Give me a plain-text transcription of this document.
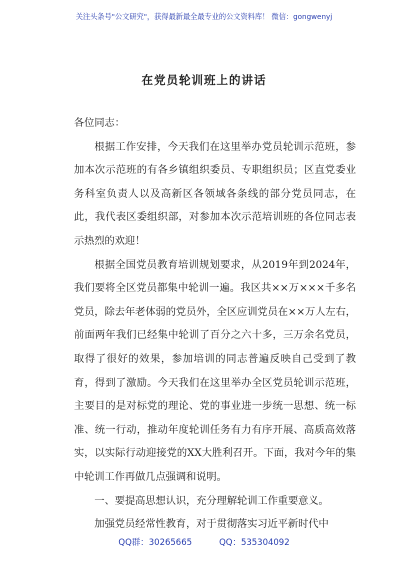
关注头条号"公文研究"，获得最新最全最专业的公文资料库！ 微信：gongwenyj
在党员轮训班上的讲话

各位同志：

根据工作安排，今天我们在这里举办党员轮训示范班，参加本次示范班的有各乡镇组织委员、专职组织员；区直党委业务科室负责人以及高新区各领域各条线的部分党员同志，在此，我代表区委组织部，对参加本次示范培训班的各位同志表示热烈的欢迎！

根据全国党员教育培训规划要求，从2019年到2024年，我们要将全区党员都集中轮训一遍。我区共××万×××千多名党员，除去年老体弱的党员外，全区应训党员在××万人左右，前面两年我们已经集中轮训了百分之六十多，三万余名党员，取得了很好的效果，参加培训的同志普遍反映自己受到了教育，得到了激励。今天我们在这里举办全区党员轮训示范班，主要目的是对标党的理论、党的事业进一步统一思想、统一标准、统一行动，推动年度轮训任务有力有序开展、高质高效落实，以实际行动迎接党的XX大胜利召开。下面，我对今年的集中轮训工作再做几点强调和说明。

一、要提高思想认识，充分理解轮训工作重要意义。

加强党员经常性教育，对于贯彻落实习近平新时代中

QQ群：30265665	QQ：535304092
